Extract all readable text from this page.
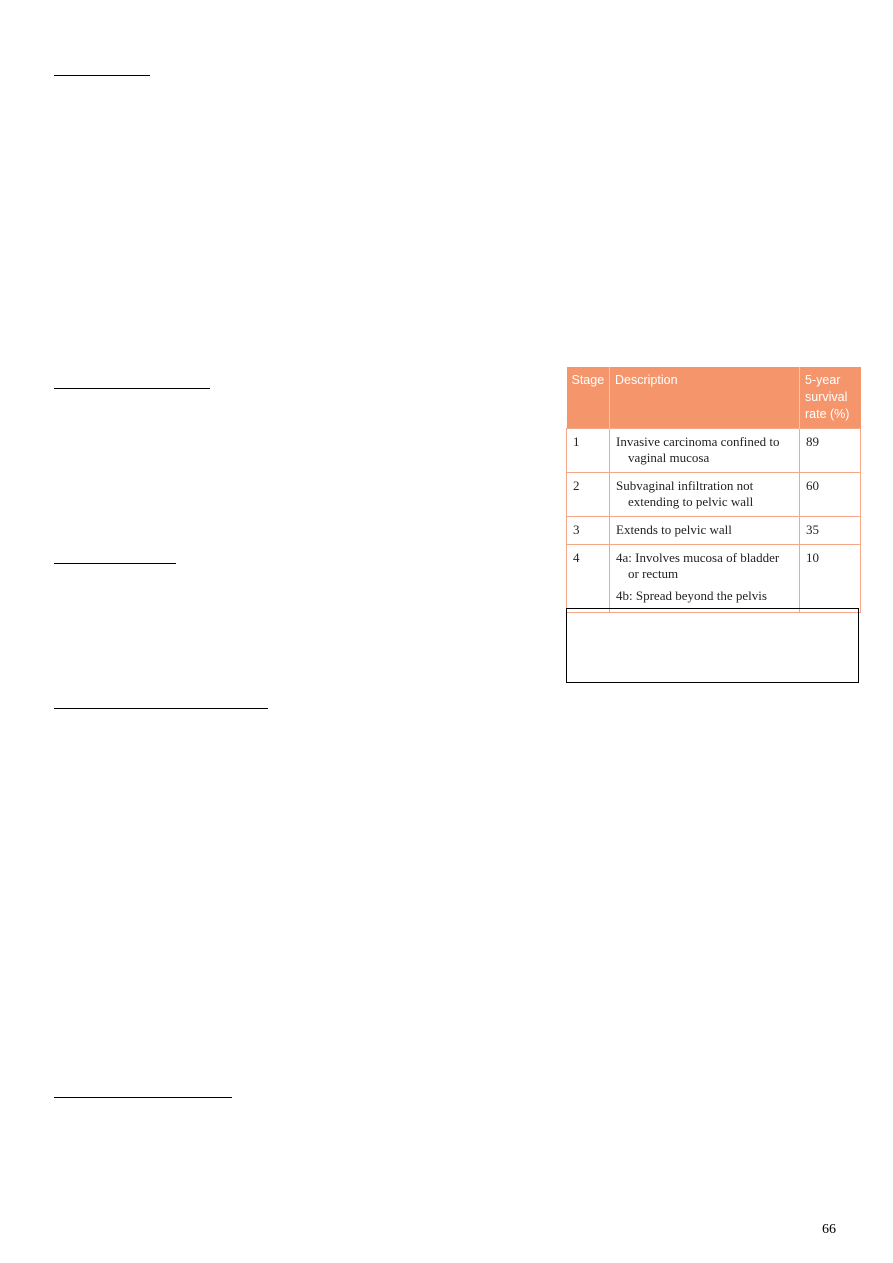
Stage	Description	5-year
survival
rate (%)

1	Invasive carcinoma confined to
vaginal mucosa	89
2	Subvaginal infiltration not
extending to pelvic wall	60
3	Extends to pelvic wall	35
4	4a: Involves mucosa of bladder
or rectum
4b: Spread beyond the pelvis	10
66
